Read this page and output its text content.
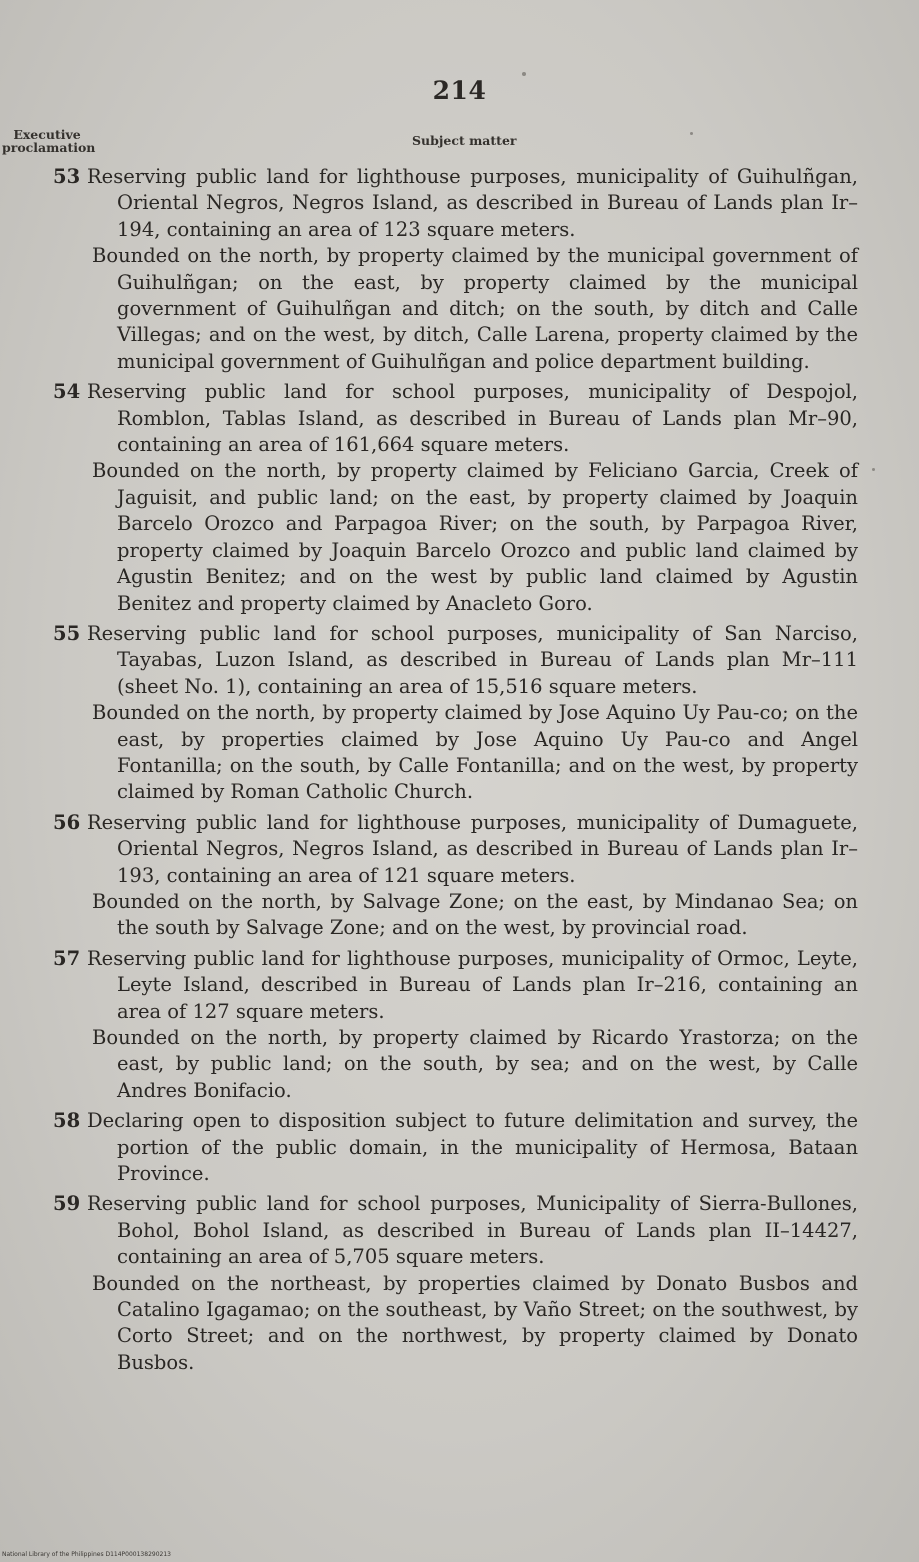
214
Executive proclamation	Subject matter
53 Reserving public land for lighthouse purposes, municipality of Guihulñgan, Oriental Negros, Negros Island, as described in Bureau of Lands plan Ir–194, containing an area of 123 square meters.

Bounded on the north, by property claimed by the municipal government of Guihulñgan; on the east, by property claimed by the municipal government of Guihulñgan and ditch; on the south, by ditch and Calle Villegas; and on the west, by ditch, Calle Larena, property claimed by the municipal government of Guihulñgan and police department building.

54 Reserving public land for school purposes, municipality of Despojol, Romblon, Tablas Island, as described in Bureau of Lands plan Mr–90, containing an area of 161,664 square meters.

Bounded on the north, by property claimed by Feliciano Garcia, Creek of Jaguisit, and public land; on the east, by property claimed by Joaquin Barcelo Orozco and Parpagoa River; on the south, by Parpagoa River, property claimed by Joaquin Barcelo Orozco and public land claimed by Agustin Benitez; and on the west by public land claimed by Agustin Benitez and property claimed by Anacleto Goro.

55 Reserving public land for school purposes, municipality of San Narciso, Tayabas, Luzon Island, as described in Bureau of Lands plan Mr–111 (sheet No. 1), containing an area of 15,516 square meters.

Bounded on the north, by property claimed by Jose Aquino Uy Pau-co; on the east, by properties claimed by Jose Aquino Uy Pau-co and Angel Fontanilla; on the south, by Calle Fontanilla; and on the west, by property claimed by Roman Catholic Church.

56 Reserving public land for lighthouse purposes, municipality of Dumaguete, Oriental Negros, Negros Island, as described in Bureau of Lands plan Ir–193, containing an area of 121 square meters.

Bounded on the north, by Salvage Zone; on the east, by Mindanao Sea; on the south by Salvage Zone; and on the west, by provincial road.

57 Reserving public land for lighthouse purposes, municipality of Ormoc, Leyte, Leyte Island, described in Bureau of Lands plan Ir–216, containing an area of 127 square meters.

Bounded on the north, by property claimed by Ricardo Yrastorza; on the east, by public land; on the south, by sea; and on the west, by Calle Andres Bonifacio.

58 Declaring open to disposition subject to future delimitation and survey, the portion of the public domain, in the municipality of Hermosa, Bataan Province.

59 Reserving public land for school purposes, Municipality of Sierra-Bullones, Bohol, Bohol Island, as described in Bureau of Lands plan II–14427, containing an area of 5,705 square meters.

Bounded on the northeast, by properties claimed by Donato Busbos and Catalino Igagamao; on the southeast, by Vaño Street; on the southwest, by Corto Street; and on the northwest, by property claimed by Donato Busbos.

National Library of the Philippines D114P000138290213
